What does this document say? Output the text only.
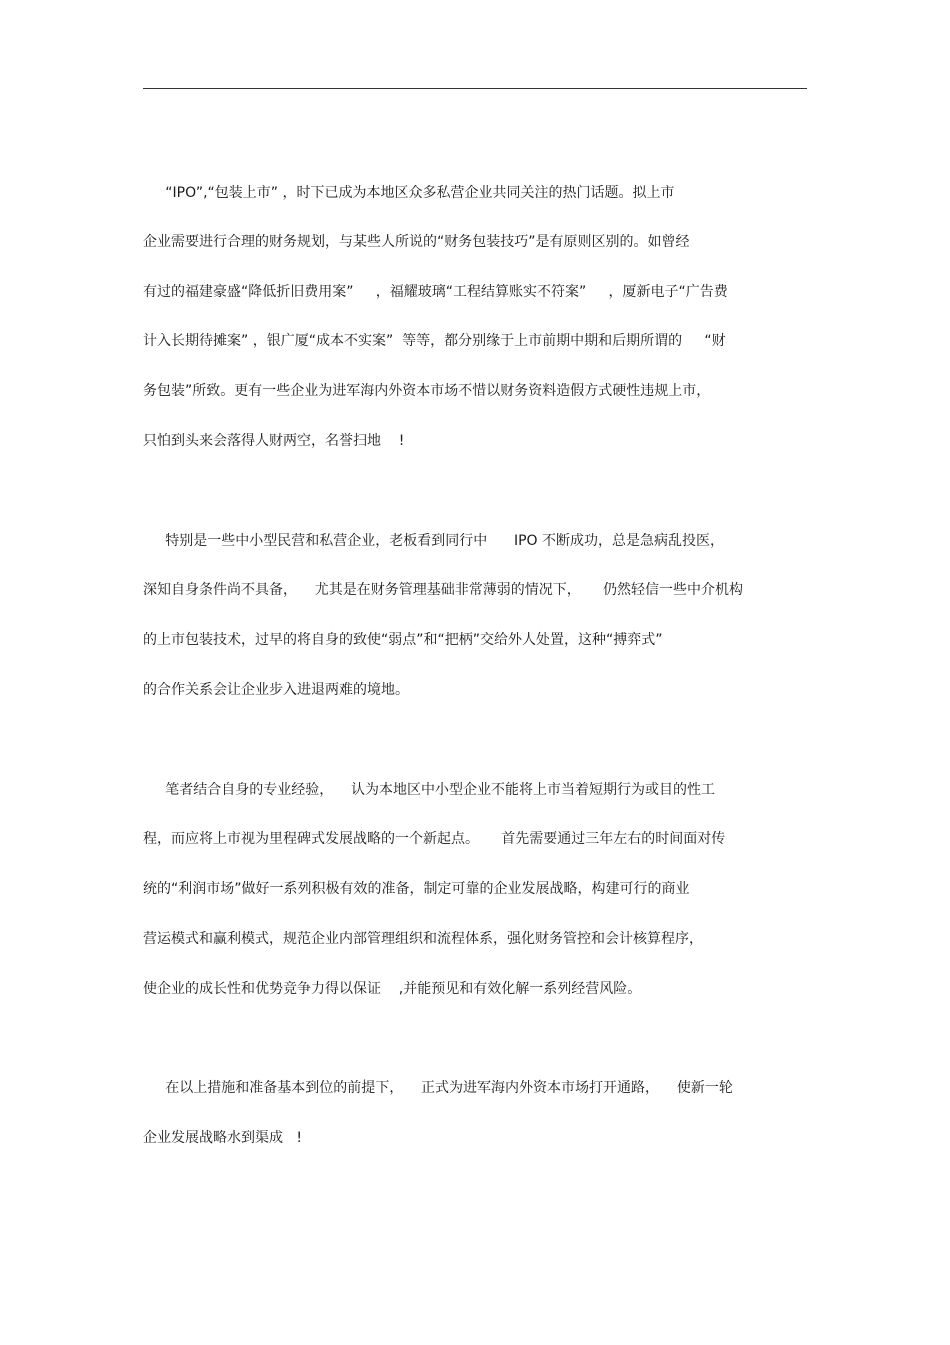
“IPO”,“包装上市” ，时下已成为本地区众多私营企业共同关注的热门话题。拟上市
企业需要进行合理的财务规划，与某些人所说的“财务包装技巧”是有原则区别的。如曾经
有过的福建豪盛“降低折旧费用案”     ，福耀玻璃“工程结算账实不符案”     ，厦新电子“广告费
计入长期待摊案” ，银广厦“成本不实案”  等等，都分别缘于上市前期中期和后期所谓的     “财
务包装”所致。更有一些企业为进军海内外资本市场不惜以财务资料造假方式硬性违规上市，
只怕到头来会落得人财两空，名誉扫地    !
特别是一些中小型民营和私营企业，老板看到同行中      IPO 不断成功，总是急病乱投医，
深知自身条件尚不具备，    尤其是在财务管理基础非常薄弱的情况下，     仍然轻信一些中介机构
的上市包装技术，过早的将自身的致使“弱点”和“把柄”交给外人处置，这种“搏弈式”
的合作关系会让企业步入进退两难的境地。
笔者结合自身的专业经验，    认为本地区中小型企业不能将上市当着短期行为或目的性工
程，而应将上市视为里程碑式发展战略的一个新起点。     首先需要通过三年左右的时间面对传
统的“利润市场”做好一系列积极有效的准备，制定可靠的企业发展战略，构建可行的商业
营运模式和赢利模式，规范企业内部管理组织和流程体系，强化财务管控和会计核算程序，
使企业的成长性和优势竞争力得以保证    ,并能预见和有效化解一系列经营风险。
在以上措施和准备基本到位的前提下，    正式为进军海内外资本市场打开通路，    使新一轮
企业发展战略水到渠成   !
